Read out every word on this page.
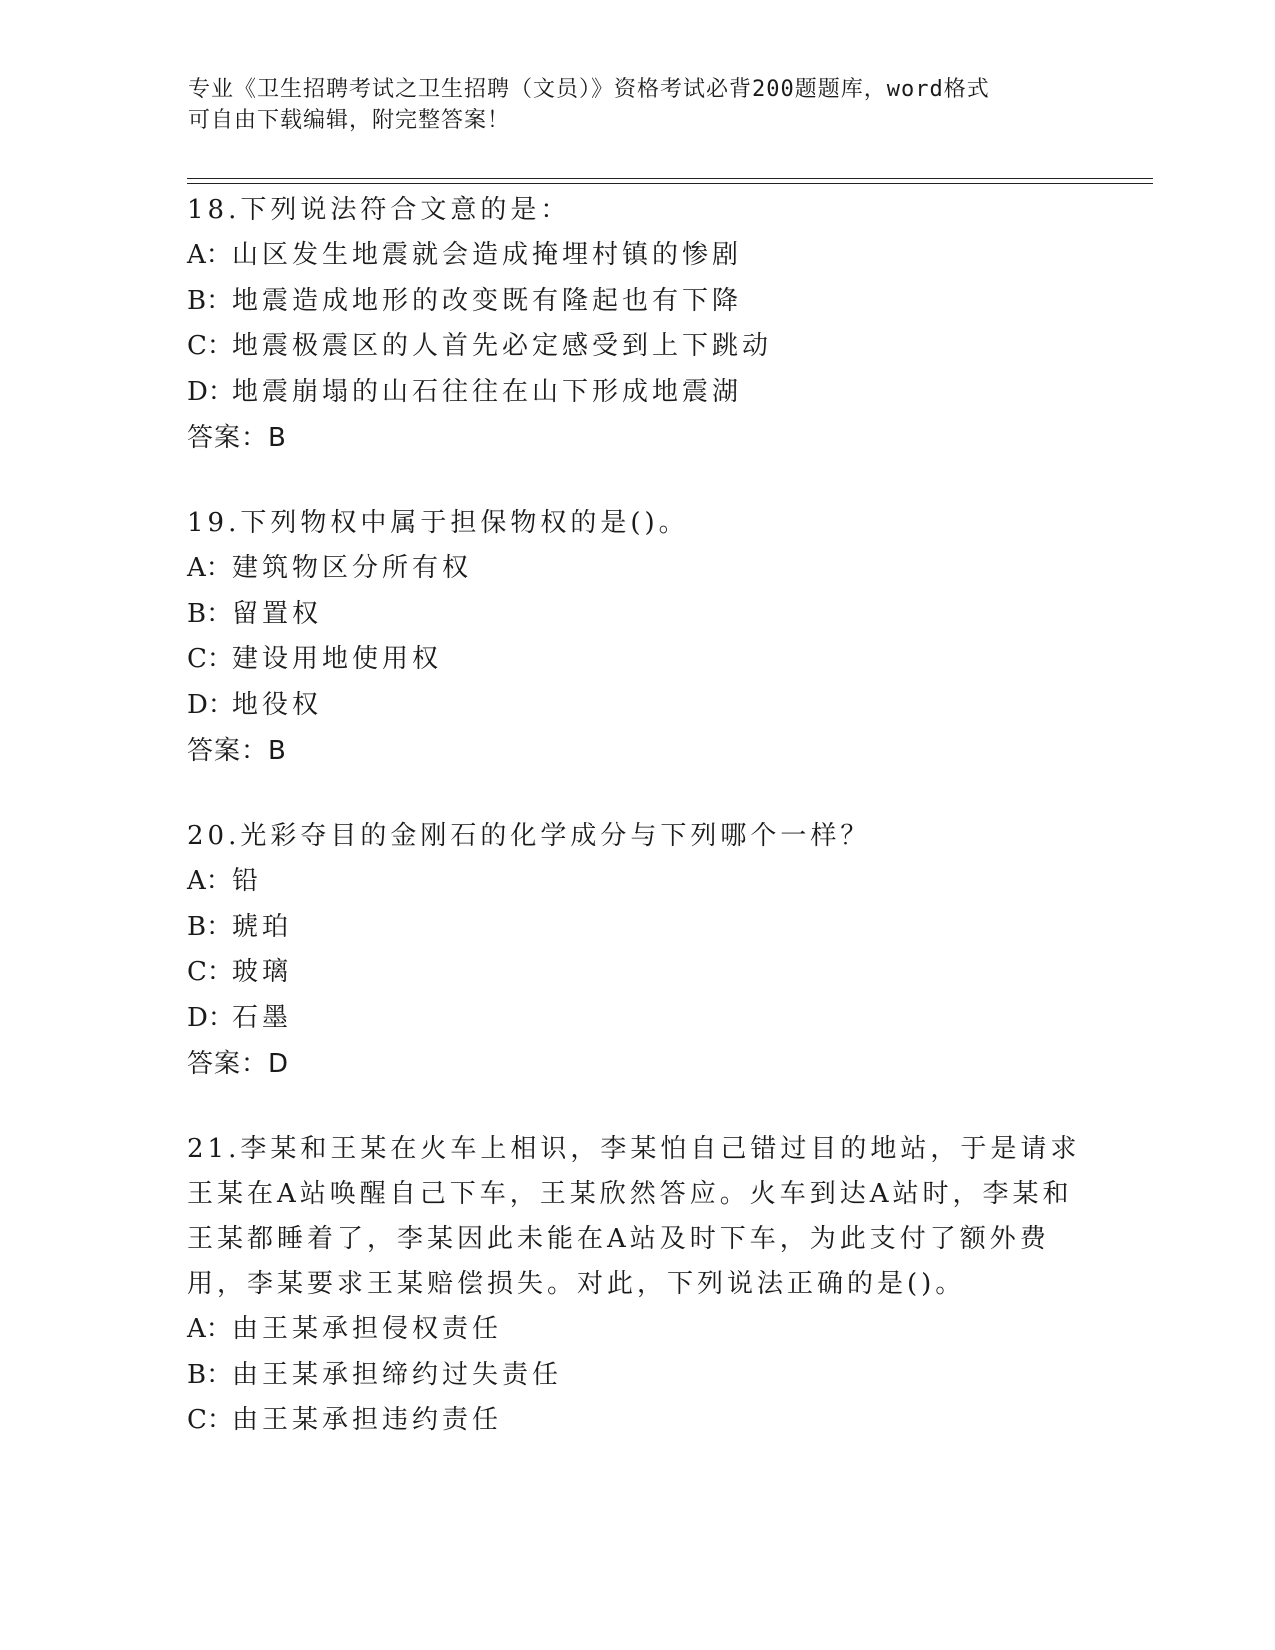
专业《卫生招聘考试之卫生招聘（文员）》资格考试必背200题题库，word格式
可自由下载编辑，附完整答案！
18.下列说法符合文意的是：
A：山区发生地震就会造成掩埋村镇的惨剧
B：地震造成地形的改变既有隆起也有下降
C：地震极震区的人首先必定感受到上下跳动
D：地震崩塌的山石往往在山下形成地震湖
答案：B
19.下列物权中属于担保物权的是()。
A：建筑物区分所有权
B：留置权
C：建设用地使用权
D：地役权
答案：B
20.光彩夺目的金刚石的化学成分与下列哪个一样？
A：铅
B：琥珀
C：玻璃
D：石墨
答案：D
21.李某和王某在火车上相识，李某怕自己错过目的地站，于是请求王某在A站唤醒自己下车，王某欣然答应。火车到达A站时，李某和王某都睡着了，李某因此未能在A站及时下车，为此支付了额外费用，李某要求王某赔偿损失。对此，下列说法正确的是()。
A：由王某承担侵权责任
B：由王某承担缔约过失责任
C：由王某承担违约责任
